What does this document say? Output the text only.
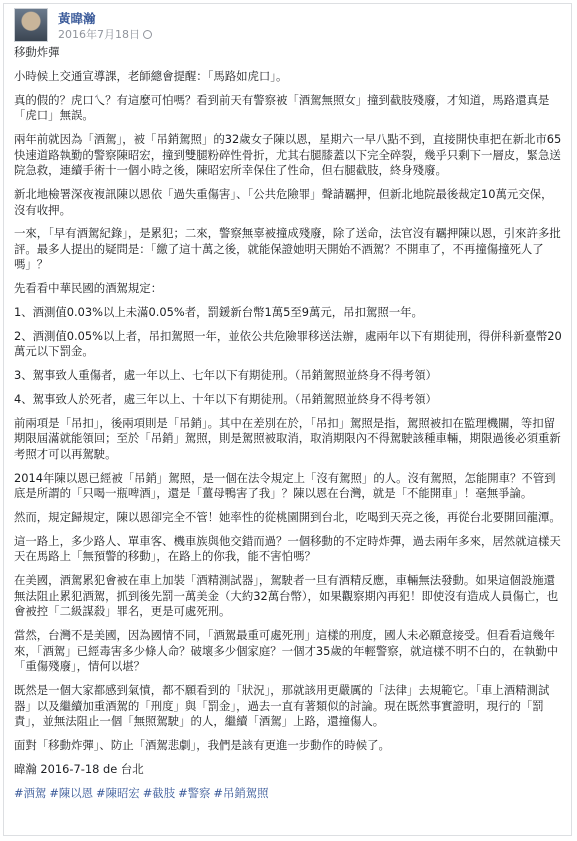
黃暐瀚
2016年7月18日

移動炸彈

小時候上交通宣導課，老師總會提醒：「馬路如虎口」。

真的假的？虎口乀？有這麼可怕嗎？看到前天有警察被「酒駕無照女」撞到截肢殘廢，才知道，馬路還真是「虎口」無誤。

兩年前就因為「酒駕」，被「吊銷駕照」的32歲女子陳以恩，星期六一早八點不到，直接開快車把在新北市65快速道路執勤的警察陳昭宏，撞到雙腿粉碎性骨折，尤其右腿膝蓋以下完全碎裂，幾乎只剩下一層皮，緊急送院急救，連續手術十一個小時之後，陳昭宏所幸保住了性命，但右腿截肢，終身殘廢。

新北地檢署深夜複訊陳以恩依「過失重傷害」、「公共危險罪」聲請羈押，但新北地院最後裁定10萬元交保，沒有收押。

一來，「早有酒駕紀錄」，是累犯；二來，警察無辜被撞成殘廢，除了送命，法官沒有羈押陳以恩，引來許多批評。最多人提出的疑問是：「繳了這十萬之後，就能保證她明天開始不酒駕？不開車了，不再撞傷撞死人了嗎」？

先看看中華民國的酒駕規定：

1、酒測值0.03%以上未滿0.05%者，罰鍰新台幣1萬5至9萬元，吊扣駕照一年。

2、酒測值0.05%以上者，吊扣駕照一年，並依公共危險罪移送法辦，處兩年以下有期徒刑，得併科新臺幣20萬元以下罰金。

3、駕事致人重傷者，處一年以上、七年以下有期徒刑。（吊銷駕照並終身不得考領）

4、駕事致人於死者，處三年以上、十年以下有期徒刑。（吊銷駕照並終身不得考領）

前兩項是「吊扣」，後兩項則是「吊銷」。其中在差別在於，「吊扣」駕照是指，駕照被扣在監理機關，等扣留期限屆滿就能領回；至於「吊銷」駕照，則是駕照被取消，取消期限內不得駕駛該種車輛，期限過後必須重新考照才可以再駕駛。

2014年陳以恩已經被「吊銷」駕照，是一個在法令規定上「沒有駕照」的人。沒有駕照，怎能開車？不管到底是所謂的「只喝一瓶啤酒」，還是「薑母鴨害了我」？陳以恩在台灣，就是「不能開車」！毫無爭論。

然而，規定歸規定，陳以恩卻完全不管！她率性的從桃園開到台北，吃喝到天亮之後，再從台北要開回龍潭。

這一路上，多少路人、單車客、機車族與他交錯而過？一個移動的不定時炸彈，過去兩年多來，居然就這樣天天在馬路上「無預警的移動」，在路上的你我，能不害怕嗎？

在美國，酒駕累犯會被在車上加裝「酒精測試器」，駕駛者一旦有酒精反應，車輛無法發動。如果這個設施還無法阻止累犯酒駕，抓到後先罰一萬美金（大約32萬台幣），如果觀察期內再犯！即使沒有造成人員傷亡，也會被控「二級謀殺」罪名，更是可處死刑。

當然，台灣不是美國，因為國情不同，「酒駕最重可處死刑」這樣的刑度，國人未必願意接受。但看看這幾年來，「酒駕」已經毒害多少條人命？破壞多少個家庭？一個才35歲的年輕警察，就這樣不明不白的，在執勤中「重傷殘廢」，情何以堪？

既然是一個大家都感到氣憤，都不願看到的「狀況」，那就該用更嚴厲的「法律」去規範它。「車上酒精測試器」以及繼續加重酒駕的「刑度」與「罰金」，過去一直有著類似的討論。現在既然事實證明，現行的「罰責」，並無法阻止一個「無照駕駛」的人，繼續「酒駕」上路，還撞傷人。

面對「移動炸彈」、防止「酒駕悲劇」，我們是該有更進一步動作的時候了。

暐瀚 2016-7-18 de 台北

#酒駕 #陳以恩 #陳昭宏 #截肢 #警察 #吊銷駕照
